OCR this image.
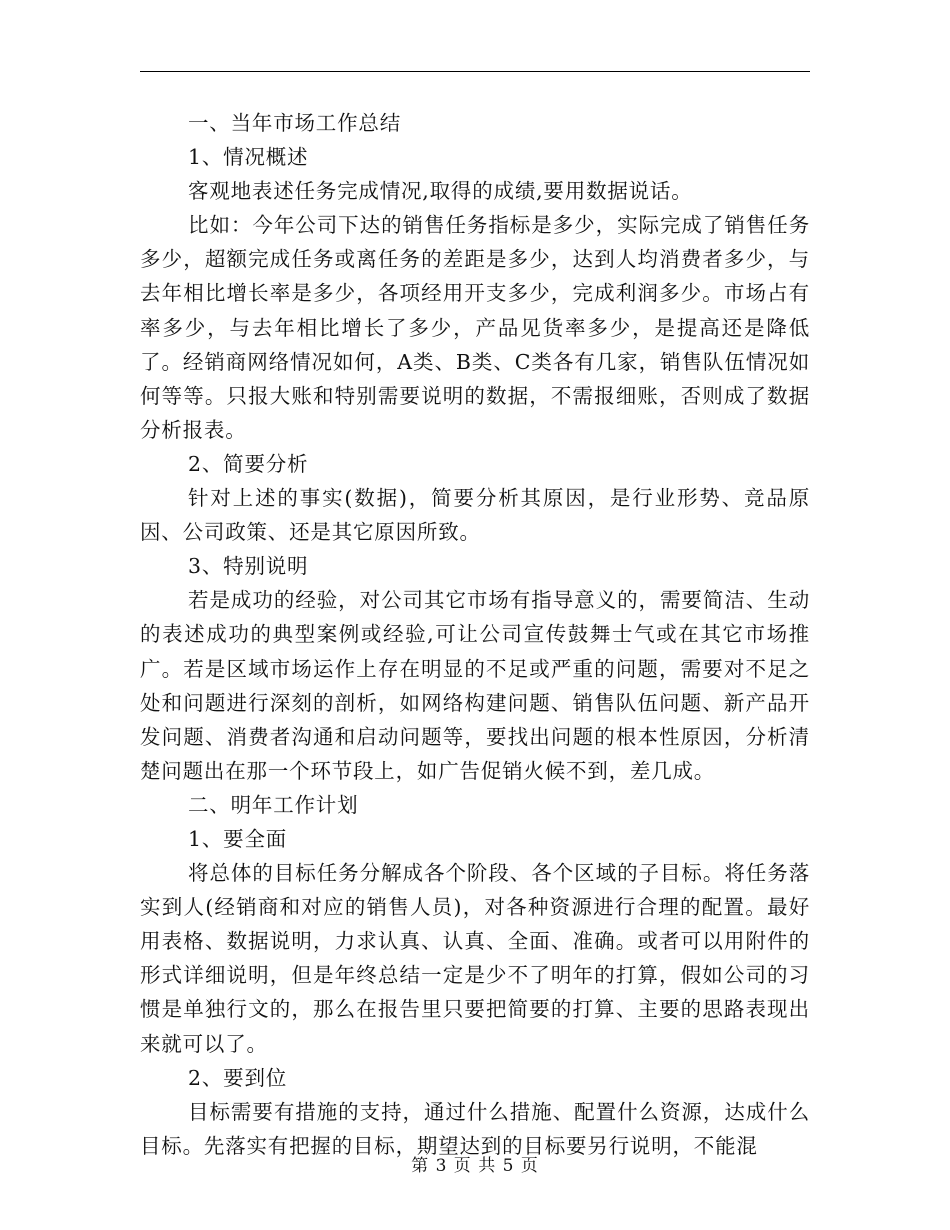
一、当年市场工作总结

1、情况概述

客观地表述任务完成情况,取得的成绩,要用数据说话。

比如：今年公司下达的销售任务指标是多少，实际完成了销售任务多少，超额完成任务或离任务的差距是多少，达到人均消费者多少，与去年相比增长率是多少，各项经用开支多少，完成利润多少。市场占有率多少，与去年相比增长了多少，产品见货率多少，是提高还是降低了。经销商网络情况如何，A类、B类、C类各有几家，销售队伍情况如何等等。只报大账和特别需要说明的数据，不需报细账，否则成了数据分析报表。

2、简要分析

针对上述的事实(数据)，简要分析其原因，是行业形势、竞品原因、公司政策、还是其它原因所致。

3、特别说明

若是成功的经验，对公司其它市场有指导意义的，需要简洁、生动的表述成功的典型案例或经验,可让公司宣传鼓舞士气或在其它市场推广。若是区域市场运作上存在明显的不足或严重的问题，需要对不足之处和问题进行深刻的剖析，如网络构建问题、销售队伍问题、新产品开发问题、消费者沟通和启动问题等，要找出问题的根本性原因，分析清楚问题出在那一个环节段上，如广告促销火候不到，差几成。

二、明年工作计划

1、要全面

将总体的目标任务分解成各个阶段、各个区域的子目标。将任务落实到人(经销商和对应的销售人员)，对各种资源进行合理的配置。最好用表格、数据说明，力求认真、认真、全面、准确。或者可以用附件的形式详细说明，但是年终总结一定是少不了明年的打算，假如公司的习惯是单独行文的，那么在报告里只要把简要的打算、主要的思路表现出来就可以了。

2、要到位

目标需要有措施的支持，通过什么措施、配置什么资源，达成什么目标。先落实有把握的目标，期望达到的目标要另行说明，不能混

第 3 页 共 5 页
